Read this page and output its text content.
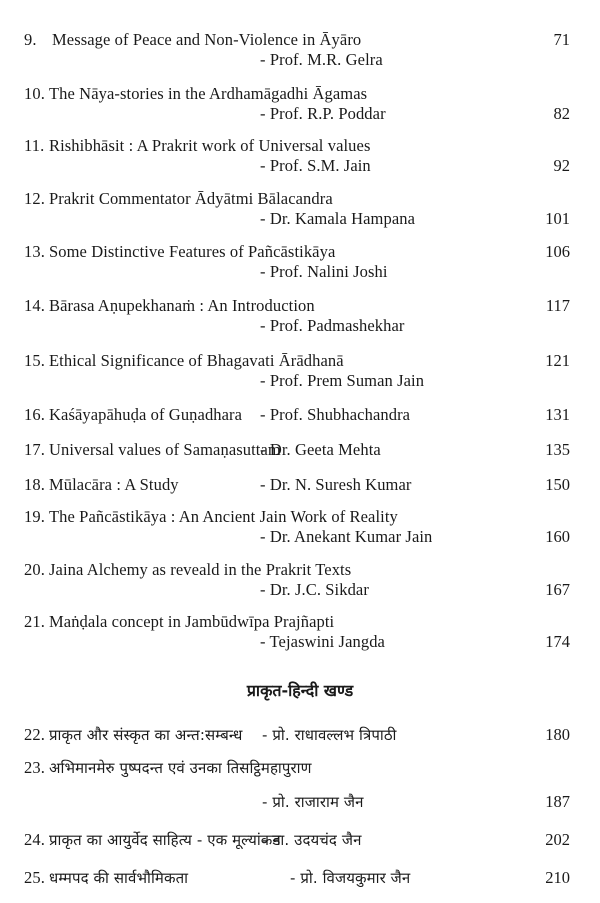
9. Message of Peace and Non-Violence in Āyāro	71
- Prof. M.R. Gelra
10. The Nāya-stories in the Ardhamāgadhi Āgamas
- Prof. R.P. Poddar	82
11. Rishibhāsit : A Prakrit work of Universal values
- Prof. S.M. Jain	92
12. Prakrit Commentator Ādyātmi Bālacandra
- Dr. Kamala Hampana	101
13. Some Distinctive Features of Pañcāstikāya	106
- Prof. Nalini Joshi
14. Bārasa Aṇupekhanaṁ : An Introduction	117
- Prof. Padmashekhar
15. Ethical Significance of Bhagavati Ārādhanā	121
- Prof. Prem Suman Jain
16. Kaśāyapāhuḍa of Guṇadhara - Prof. Shubhachandra	131
17. Universal values of Samaṇasuttam
- Dr. Geeta Mehta	135
18. Mūlacāra : A Study	- Dr. N. Suresh Kumar	150
19. The Pañcāstikāya : An Ancient Jain Work of Reality
- Dr. Anekant Kumar Jain	160
20. Jaina Alchemy as reveald in the Prakrit Texts
- Dr. J.C. Sikdar	167
21. Maṅḍala concept in Jambūdwīpa Prajñapti
- Tejaswini Jangda	174
प्राकृत-हिन्दी खण्ड
22. प्राकृत और संस्कृत का अन्त:सम्बन्ध - प्रो. राधावल्लभ त्रिपाठी	180
23. अभिमानमेरु पुष्पदन्त एवं उनका तिसट्ठिमहापुराण
- प्रो. राजाराम जैन	187
24. प्राकृत का आयुर्वेद साहित्य - एक मूल्यांकन
- डा. उदयचंद जैन	202
25. धम्मपद की सार्वभौमिकता	- प्रो. विजयकुमार जैन	210
